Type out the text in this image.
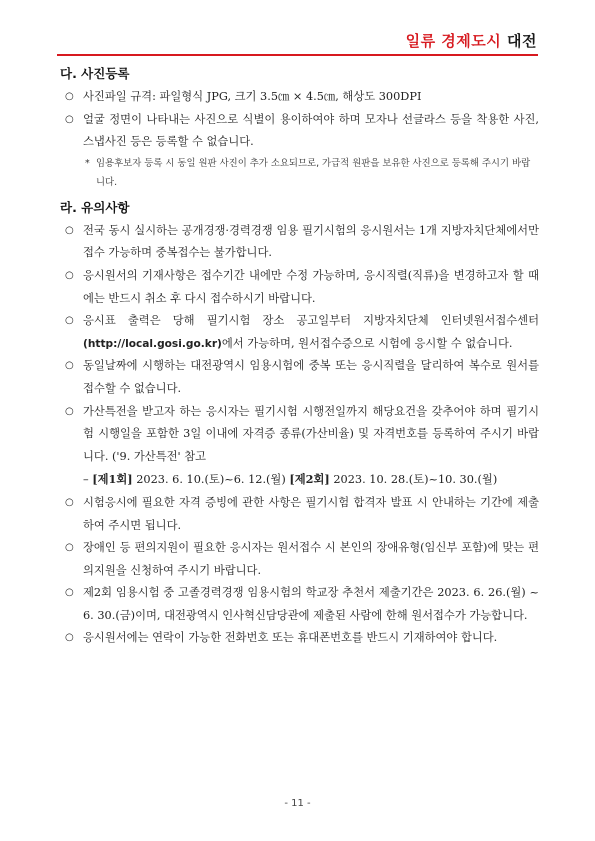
일류 경제도시 대전

다. 사진등록

○ 사진파일 규격: 파일형식 JPG, 크기 3.5㎝ × 4.5㎝, 해상도 300DPI

○ 얼굴 정면이 나타내는 사진으로 식별이 용이하여야 하며 모자나 선글라스 등을 착용한 사진, 스냅사진 등은 등록할 수 없습니다.

* 임용후보자 등록 시 동일 원판 사진이 추가 소요되므로, 가급적 원판을 보유한 사진으로 등록해 주시기 바랍니다.

라. 유의사항

○ 전국 동시 실시하는 공개경쟁·경력경쟁 임용 필기시험의 응시원서는 1개 지방자치단체에서만 접수 가능하며 중복접수는 불가합니다.

○ 응시원서의 기재사항은 접수기간 내에만 수정 가능하며, 응시직렬(직류)을 변경하고자 할 때에는 반드시 취소 후 다시 접수하시기 바랍니다.

○ 응시표 출력은 당해 필기시험 장소 공고일부터 지방자치단체 인터넷원서접수센터 (http://local.gosi.go.kr)에서 가능하며, 원서접수증으로 시험에 응시할 수 없습니다.

○ 동일날짜에 시행하는 대전광역시 임용시험에 중복 또는 응시직렬을 달리하여 복수로 원서를 접수할 수 없습니다.

○ 가산특전을 받고자 하는 응시자는 필기시험 시행전일까지 해당요건을 갖추어야 하며 필기시험 시행일을 포함한 3일 이내에 자격증 종류(가산비율) 및 자격번호를 등록하여 주시기 바랍니다. ('9. 가산특전' 참고

– [제1회] 2023. 6. 10.(토)~6. 12.(월) [제2회] 2023. 10. 28.(토)~10. 30.(월)

○ 시험응시에 필요한 자격 증빙에 관한 사항은 필기시험 합격자 발표 시 안내하는 기간에 제출하여 주시면 됩니다.

○ 장애인 등 편의지원이 필요한 응시자는 원서접수 시 본인의 장애유형(임신부 포함)에 맞는 편의지원을 신청하여 주시기 바랍니다.

○ 제2회 임용시험 중 고졸경력경쟁 임용시험의 학교장 추천서 제출기간은 2023. 6. 26.(월) ~ 6. 30.(금)이며, 대전광역시 인사혁신담당관에 제출된 사람에 한해 원서접수가 가능합니다.

○ 응시원서에는 연락이 가능한 전화번호 또는 휴대폰번호를 반드시 기재하여야 합니다.

- 11 -
